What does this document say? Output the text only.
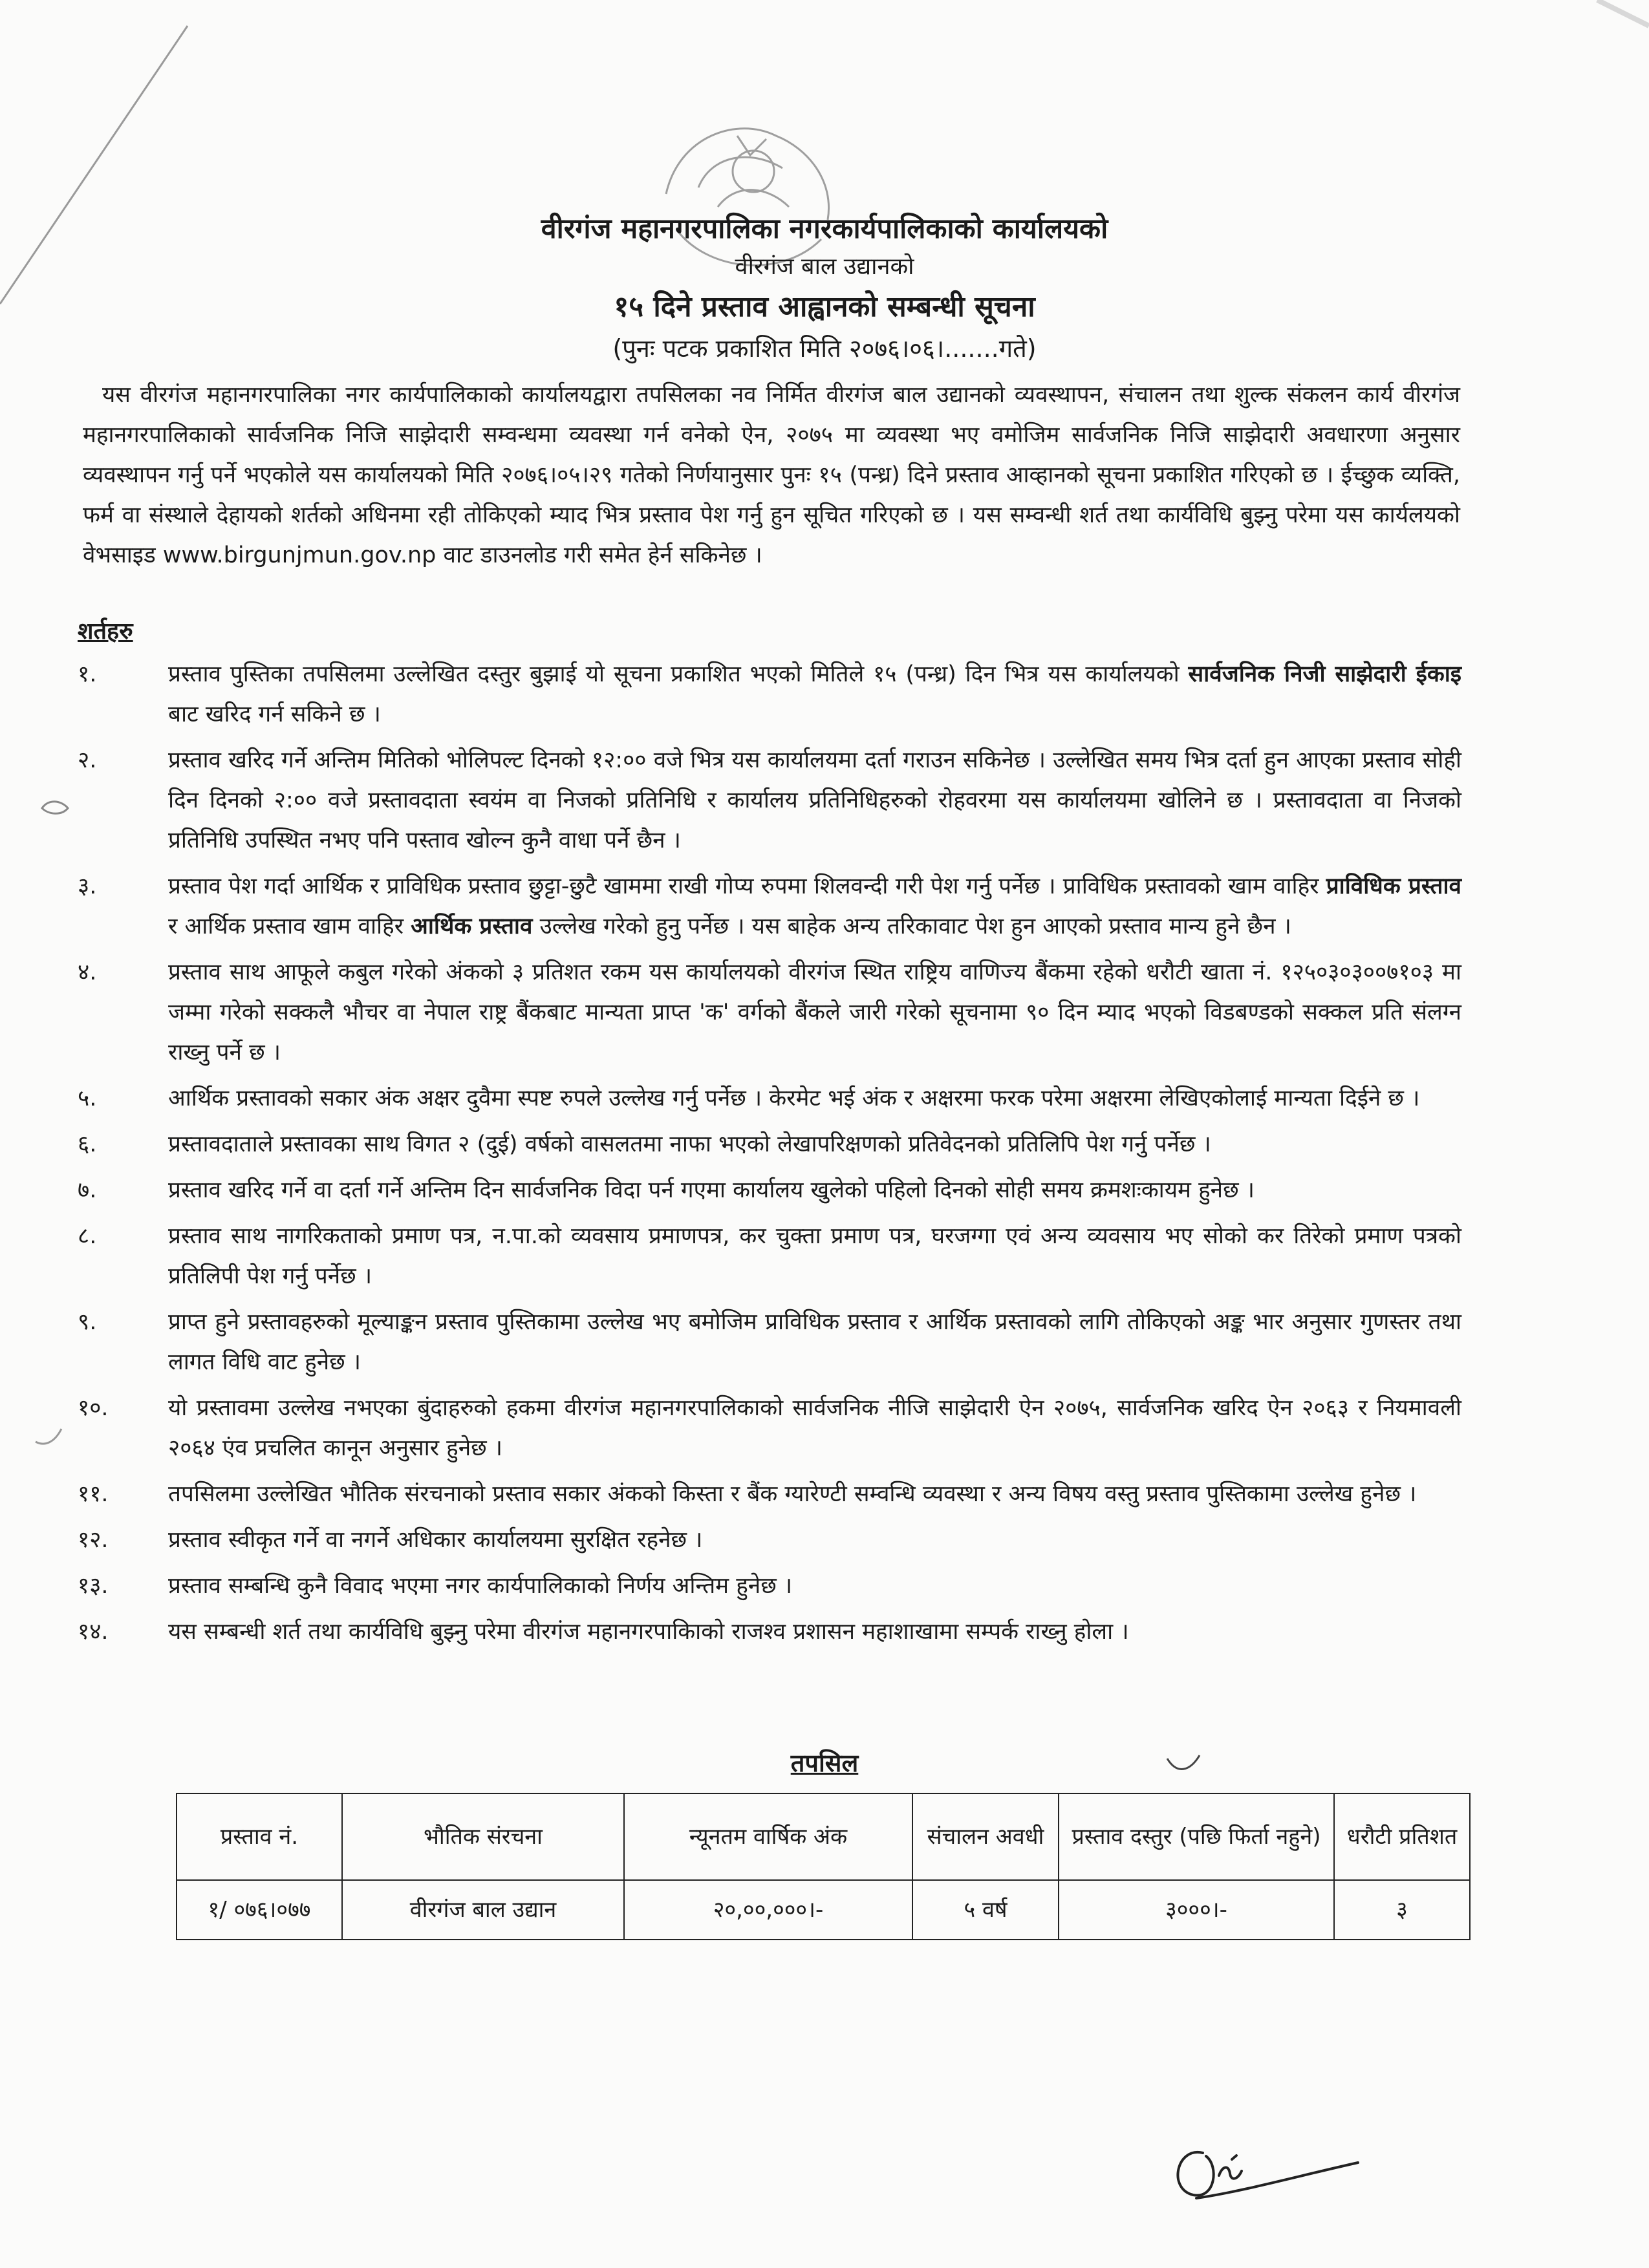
वीरगंज महानगरपालिका नगरकार्यपालिकाको कार्यालयको
वीरगंज बाल उद्यानको
१५ दिने प्रस्ताव आह्वानको सम्बन्धी सूचना
(पुनः पटक प्रकाशित मिति २०७६।०६।.......गते)
यस वीरगंज महानगरपालिका नगर कार्यपालिकाको कार्यालयद्वारा तपसिलका नव निर्मित वीरगंज बाल उद्यानको व्यवस्थापन, संचालन तथा शुल्क संकलन कार्य वीरगंज महानगरपालिकाको सार्वजनिक निजि साझेदारी सम्वन्धमा व्यवस्था गर्न वनेको ऐन, २०७५ मा व्यवस्था भए वमोजिम सार्वजनिक निजि साझेदारी अवधारणा अनुसार व्यवस्थापन गर्नु पर्ने भएकोले यस कार्यालयको मिति २०७६।०५।२९ गतेको निर्णयानुसार पुनः १५ (पन्ध्र) दिने प्रस्ताव आव्हानको सूचना प्रकाशित गरिएको छ । ईच्छुक व्यक्ति, फर्म वा संस्थाले देहायको शर्तको अधिनमा रही तोकिएको म्याद भित्र प्रस्ताव पेश गर्नु हुन सूचित गरिएको छ । यस सम्वन्धी शर्त तथा कार्यविधि बुझ्नु परेमा यस कार्यलयको वेभसाइड www.birgunjmun.gov.np वाट डाउनलोड गरी समेत हेर्न सकिनेछ ।
शर्तहरु
१.	प्रस्ताव पुस्तिका तपसिलमा उल्लेखित दस्तुर बुझाई यो सूचना प्रकाशित भएको मितिले १५ (पन्ध्र) दिन भित्र यस कार्यालयको सार्वजनिक निजी साझेदारी ईकाइ बाट खरिद गर्न सकिने छ ।
२.	प्रस्ताव खरिद गर्ने अन्तिम मितिको भोलिपल्ट दिनको १२:०० वजे भित्र यस कार्यालयमा दर्ता गराउन सकिनेछ । उल्लेखित समय भित्र दर्ता हुन आएका प्रस्ताव सोही दिन दिनको २:०० वजे प्रस्तावदाता स्वयंम वा निजको प्रतिनिधि र कार्यालय प्रतिनिधिहरुको रोहवरमा यस कार्यालयमा खोलिने छ । प्रस्तावदाता वा निजको प्रतिनिधि उपस्थित नभए पनि पस्ताव खोल्न कुनै वाधा पर्ने छैन ।
३.	प्रस्ताव पेश गर्दा आर्थिक र प्राविधिक प्रस्ताव छुट्टा-छुटै खाममा राखी गोप्य रुपमा शिलवन्दी गरी पेश गर्नु पर्नेछ । प्राविधिक प्रस्तावको खाम वाहिर प्राविधिक प्रस्ताव र आर्थिक प्रस्ताव खाम वाहिर आर्थिक प्रस्ताव उल्लेख गरेको हुनु पर्नेछ । यस बाहेक अन्य तरिकावाट पेश हुन आएको प्रस्ताव मान्य हुने छैन ।
४.	प्रस्ताव साथ आफूले कबुल गरेको अंकको ३ प्रतिशत रकम यस कार्यालयको वीरगंज स्थित राष्ट्रिय वाणिज्य बैंकमा रहेको धरौटी खाता नं. १२५०३०३००७१०३ मा जम्मा गरेको सक्कलै भौचर वा नेपाल राष्ट्र बैंकबाट मान्यता प्राप्त 'क' वर्गको बैंकले जारी गरेको सूचनामा ९० दिन म्याद भएको विडबण्डको सक्कल प्रति संलग्न राख्नु पर्ने छ ।
५.	आर्थिक प्रस्तावको सकार अंक अक्षर दुवैमा स्पष्ट रुपले उल्लेख गर्नु पर्नेछ । केरमेट भई अंक र अक्षरमा फरक परेमा अक्षरमा लेखिएकोलाई मान्यता दिईने छ ।
६.	प्रस्तावदाताले प्रस्तावका साथ विगत २ (दुई) वर्षको वासलतमा नाफा भएको लेखापरिक्षणको प्रतिवेदनको प्रतिलिपि पेश गर्नु पर्नेछ ।
७.	प्रस्ताव खरिद गर्ने वा दर्ता गर्ने अन्तिम दिन सार्वजनिक विदा पर्न गएमा कार्यालय खुलेको पहिलो दिनको सोही समय क्रमशःकायम हुनेछ ।
८.	प्रस्ताव साथ नागरिकताको प्रमाण पत्र, न.पा.को व्यवसाय प्रमाणपत्र, कर चुक्ता प्रमाण पत्र, घरजग्गा एवं अन्य व्यवसाय भए सोको कर तिरेको प्रमाण पत्रको प्रतिलिपी पेश गर्नु पर्नेछ ।
९.	प्राप्त हुने प्रस्तावहरुको मूल्याङ्कन प्रस्ताव पुस्तिकामा उल्लेख भए बमोजिम प्राविधिक प्रस्ताव र आर्थिक प्रस्तावको लागि तोकिएको अङ्क भार अनुसार गुणस्तर तथा लागत विधि वाट हुनेछ ।
१०.	यो प्रस्तावमा उल्लेख नभएका बुंदाहरुको हकमा वीरगंज महानगरपालिकाको सार्वजनिक नीजि साझेदारी ऐन २०७५, सार्वजनिक खरिद ऐन २०६३ र नियमावली २०६४ एंव प्रचलित कानून अनुसार हुनेछ ।
११.	तपसिलमा उल्लेखित भौतिक संरचनाको प्रस्ताव सकार अंकको किस्ता र बैंक ग्यारेण्टी सम्वन्धि व्यवस्था र अन्य विषय वस्तु प्रस्ताव पुस्तिकामा उल्लेख हुनेछ ।
१२.	प्रस्ताव स्वीकृत गर्ने वा नगर्ने अधिकार कार्यालयमा सुरक्षित रहनेछ ।
१३.	प्रस्ताव सम्बन्धि कुनै विवाद भएमा नगर कार्यपालिकाको निर्णय अन्तिम हुनेछ ।
१४.	यस सम्बन्धी शर्त तथा कार्यविधि बुझ्नु परेमा वीरगंज महानगरपाकिाको राजश्व प्रशासन महाशाखामा सम्पर्क राख्नु होला ।
तपसिल
प्रस्ताव नं.	भौतिक संरचना	न्यूनतम वार्षिक अंक	संचालन अवधी	प्रस्ताव दस्तुर (पछि फिर्ता नहुने)	धरौटी प्रतिशत
१/ ०७६।०७७	वीरगंज बाल उद्यान	२०,००,०००।-	५ वर्ष	३०००।-	३
